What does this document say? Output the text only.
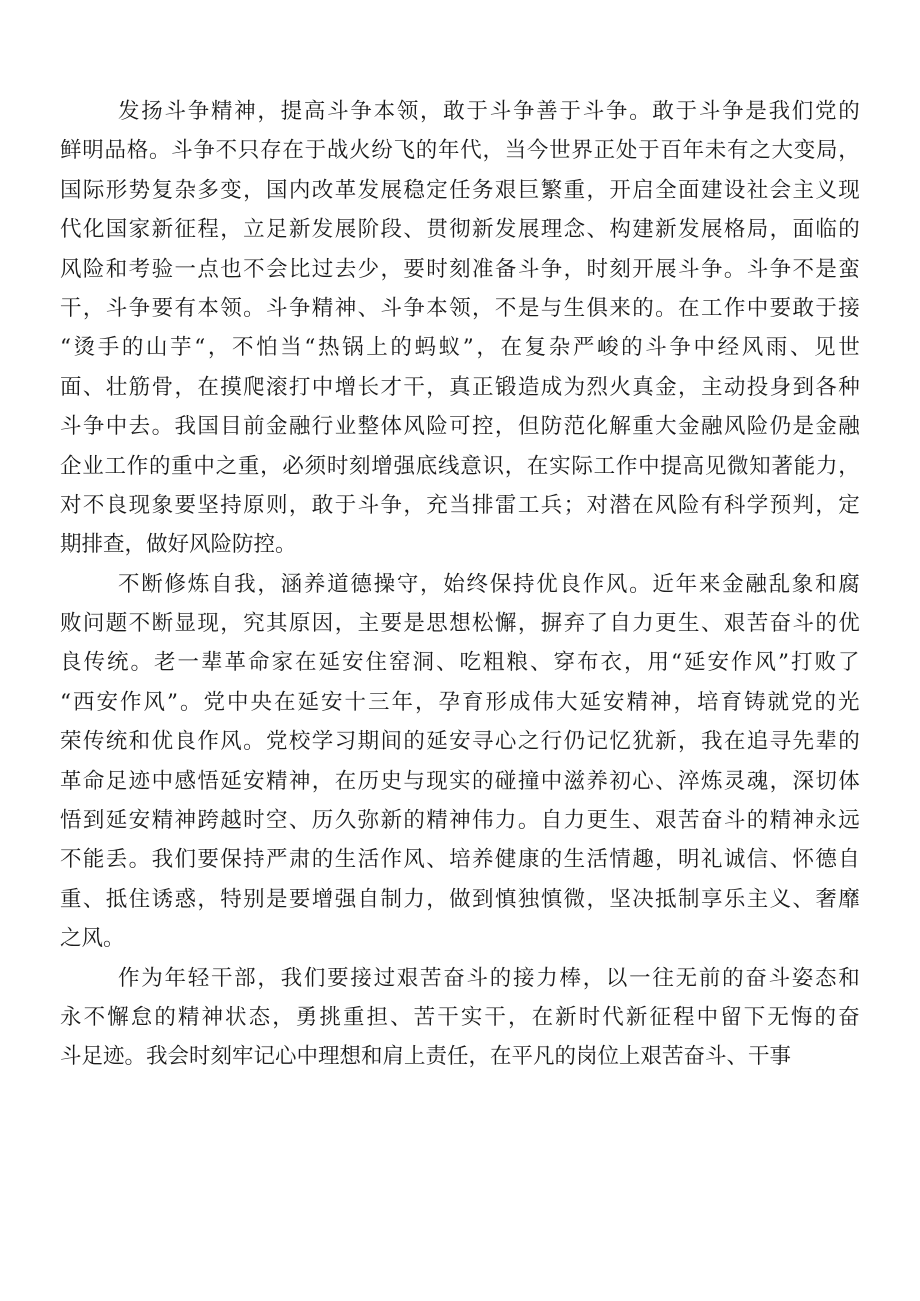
发 扬 斗 争 精 神 ， 提 高 斗 争 本 领 ， 敢 于 斗 争 善 于 斗 争 。 敢 于 斗 争 是 我 们 党 的
鲜 明 品 格 。 斗 争 不 只 存 在 于 战 火 纷 飞 的 年 代 ， 当 今 世 界 正 处 于 百 年 未 有 之 大 变 局 ，
国 际 形 势 复 杂 多 变 ， 国 内 改 革 发 展 稳 定 任 务 艰 巨 繁 重 ， 开 启 全 面 建 设 社 会 主 义 现
代 化 国 家 新 征 程 ， 立 足 新 发 展 阶 段 、 贯 彻 新 发 展 理 念 、 构 建 新 发 展 格 局 ， 面 临 的
风 险 和 考 验 一 点 也 不 会 比 过 去 少 ， 要 时 刻 准 备 斗 争 ， 时 刻 开 展 斗 争 。 斗 争 不 是 蛮
干 ， 斗 争 要 有 本 领 。 斗 争 精 神 、 斗 争 本 领 ， 不 是 与 生 俱 来 的 。 在 工 作 中 要 敢 于 接
“ 烫 手 的 山 芋 “ ， 不 怕 当 “ 热 锅 上 的 蚂 蚁 ” ， 在 复 杂 严 峻 的 斗 争 中 经 风 雨 、 见 世
面 、 壮 筋 骨 ， 在 摸 爬 滚 打 中 增 长 才 干 ， 真 正 锻 造 成 为 烈 火 真 金 ， 主 动 投 身 到 各 种
斗 争 中 去 。 我 国 目 前 金 融 行 业 整 体 风 险 可 控 ， 但 防 范 化 解 重 大 金 融 风 险 仍 是 金 融
企 业 工 作 的 重 中 之 重 ， 必 须 时 刻 增 强 底 线 意 识 ， 在 实 际 工 作 中 提 高 见 微 知 著 能 力 ，
对 不 良 现 象 要 坚 持 原 则 ， 敢 于 斗 争 ， 充 当 排 雷 工 兵 ； 对 潜 在 风 险 有 科 学 预 判 ， 定
期排查，做好风险防控。
不 断 修 炼 自 我 ， 涵 养 道 德 操 守 ， 始 终 保 持 优 良 作 风 。 近 年 来 金 融 乱 象 和 腐
败 问 题 不 断 显 现 ， 究 其 原 因 ， 主 要 是 思 想 松 懈 ， 摒 弃 了 自 力 更 生 、 艰 苦 奋 斗 的 优
良 传 统 。 老 一 辈 革 命 家 在 延 安 住 窑 洞 、 吃 粗 粮 、 穿 布 衣 ， 用 “ 延 安 作 风 ” 打 败 了
“ 西 安 作 风 ” 。 党 中 央 在 延 安 十 三 年 ， 孕 育 形 成 伟 大 延 安 精 神 ， 培 育 铸 就 党 的 光
荣 传 统 和 优 良 作 风 。 党 校 学 习 期 间 的 延 安 寻 心 之 行 仍 记 忆 犹 新 ， 我 在 追 寻 先 辈 的
革 命 足 迹 中 感 悟 延 安 精 神 ， 在 历 史 与 现 实 的 碰 撞 中 滋 养 初 心 、 淬 炼 灵 魂 ， 深 切 体
悟 到 延 安 精 神 跨 越 时 空 、 历 久 弥 新 的 精 神 伟 力 。 自 力 更 生 、 艰 苦 奋 斗 的 精 神 永 远
不 能 丢 。 我 们 要 保 持 严 肃 的 生 活 作 风 、 培 养 健 康 的 生 活 情 趣 ， 明 礼 诚 信 、 怀 德 自
重 、 抵 住 诱 惑 ， 特 别 是 要 增 强 自 制 力 ， 做 到 慎 独 慎 微 ， 坚 决 抵 制 享 乐 主 义 、 奢 靡
之风。
作 为 年 轻 干 部 ， 我 们 要 接 过 艰 苦 奋 斗 的 接 力 棒 ， 以 一 往 无 前 的 奋 斗 姿 态 和
永 不 懈 怠 的 精 神 状 态 ， 勇 挑 重 担 、 苦 干 实 干 ， 在 新 时 代 新 征 程 中 留 下 无 悔 的 奋
斗足迹。我会时刻牢记心中理想和肩上责任，在平凡的岗位上艰苦奋斗、干事
